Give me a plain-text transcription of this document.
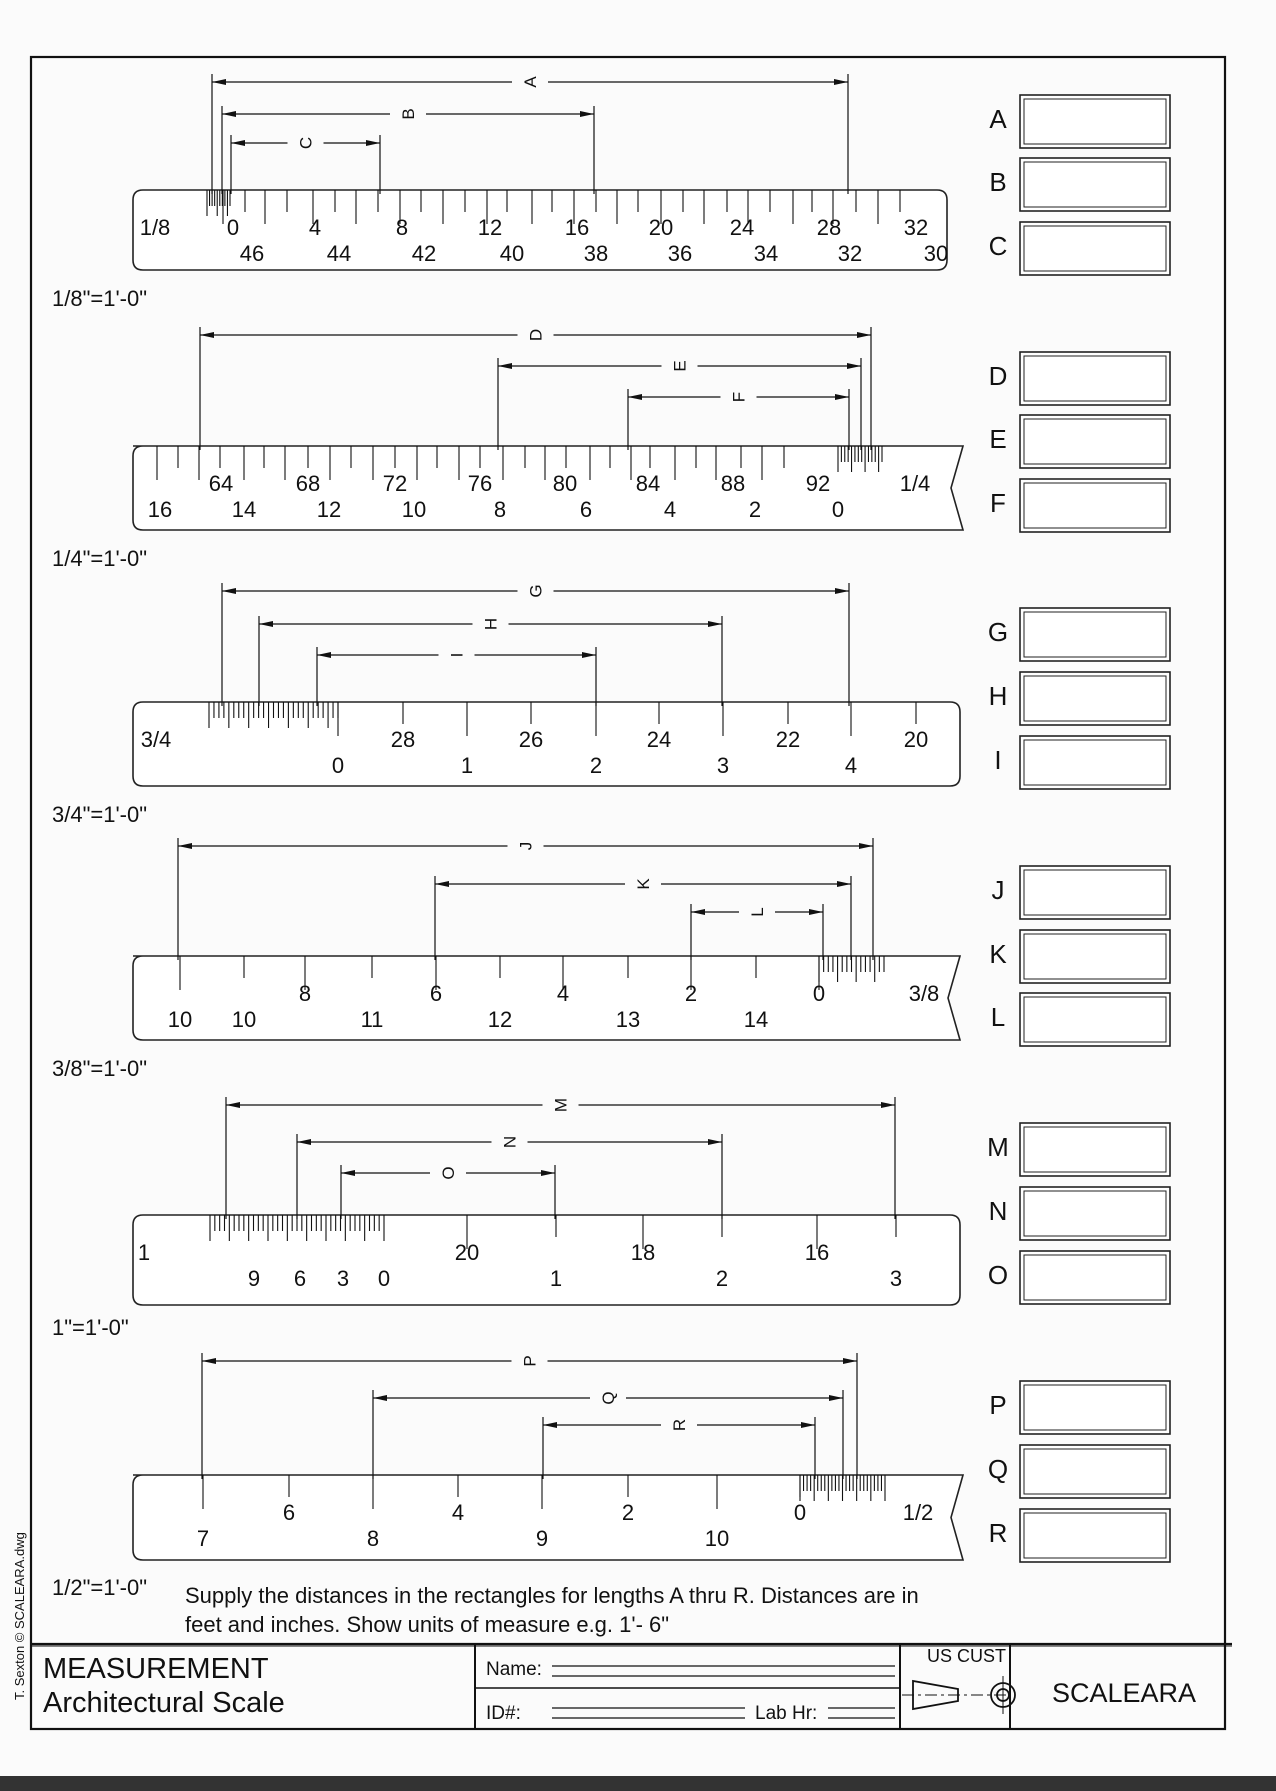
T. Sexton © SCALEARA.dwg
0	4	8	12	16	20	24	28	32
46	44	42	40	38	36	34	32	30
1/8
1/8"=1'-0"
A
B
C
A
B
C
64	68	72	76	80	84	88	92
16	14	12	10	8	6	4	2	0
1/4
1/4"=1'-0"
D
E
F
D
E
F
28	26	24	22	20
0	1	2	3	4
3/4
3/4"=1'-0"
G
H
I
G
H
I
8	6	4	2	0
10 10	11	12	13	14
3/8
3/8"=1'-0"
J
K
L
J
K
L
20	18	16
9 6 3 0	1	2	3
1
1"=1'-0"
M
N
O
M
N
O
6	4	2	0
7	8	9	10
1/2
1/2"=1'-0"
P
Q
R
P
Q
R
Supply the distances in the rectangles for lengths A thru R. Distances are in
feet and inches. Show units of measure e.g. 1'- 6"
MEASUREMENT
Architectural Scale
Name:
ID#:	Lab Hr:
US CUST
SCALEARA
